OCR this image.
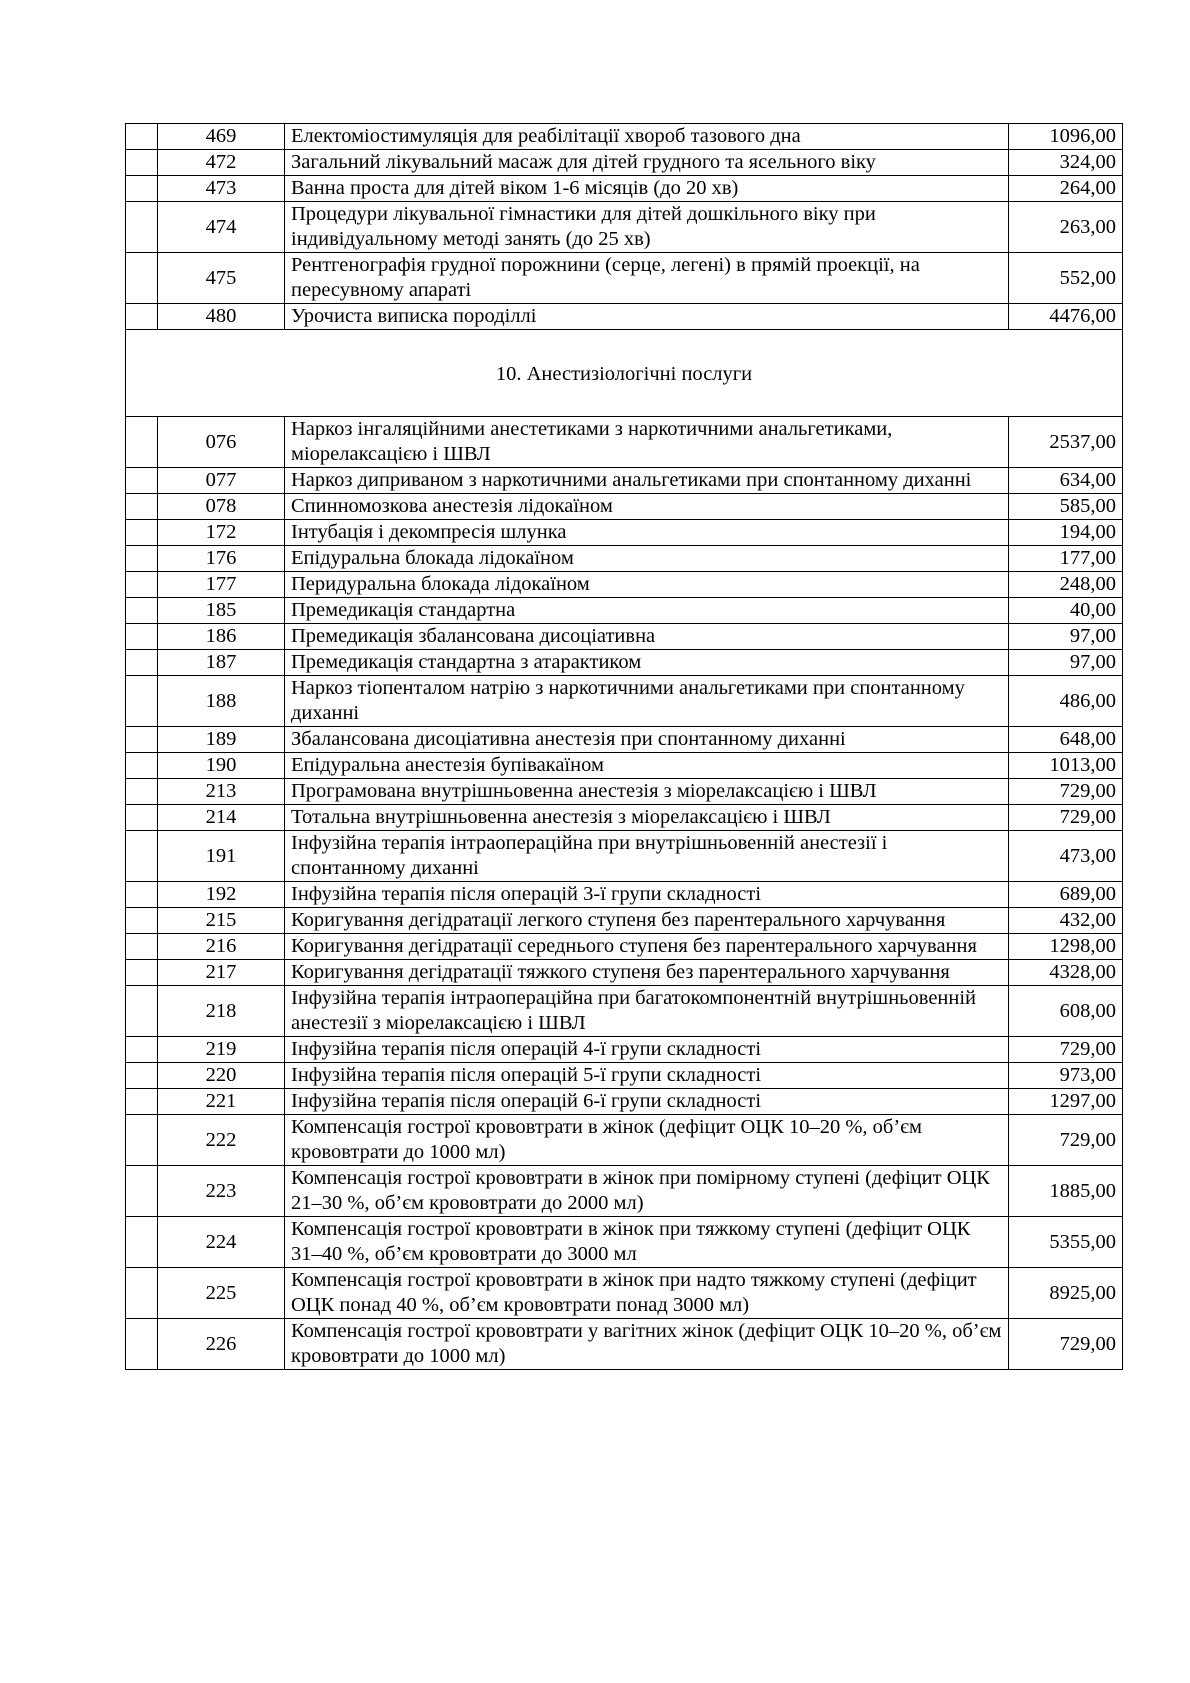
	469	Електоміостимуляція для реабілітації хвороб тазового дна	1096,00
	472	Загальний лікувальний масаж для дітей грудного та ясельного віку	324,00
	473	Ванна проста для дітей віком 1-6 місяців (до 20 хв)	264,00
	474	Процедури лікувальної гімнастики для дітей дошкільного віку при індивідуальному методі занять (до 25 хв)	263,00
	475	Рентгенографія грудної порожнини (серце, легені) в прямій проекції, на пересувному апараті	552,00
	480	Урочиста виписка породіллі	4476,00
10. Анестизіологічні послуги			
	076	Наркоз інгаляційними анестетиками з наркотичними анальгетиками, міорелаксацією і ШВЛ	2537,00
	077	Наркоз диприваном з наркотичними анальгетиками при спонтанному диханні	634,00
	078	Спинномозкова анестезія лідокаїном	585,00
	172	Інтубація і декомпресія шлунка	194,00
	176	Епідуральна блокада лідокаїном	177,00
	177	Перидуральна блокада лідокаїном	248,00
	185	Премедикація стандартна	40,00
	186	Премедикація збалансована дисоціативна	97,00
	187	Премедикація стандартна з атарактиком	97,00
	188	Наркоз тіопенталом натрію з наркотичними анальгетиками при спонтанному диханні	486,00
	189	Збалансована дисоціативна анестезія при спонтанному диханні	648,00
	190	Епідуральна анестезія бупівакаїном	1013,00
	213	Програмована внутрішньовенна анестезія з міорелаксацією і ШВЛ	729,00
	214	Тотальна внутрішньовенна анестезія з міорелаксацією і ШВЛ	729,00
	191	Інфузійна терапія інтраопераційна при внутрішньовенній анестезії і спонтанному диханні	473,00
	192	Інфузійна терапія після операцій 3-ї групи складності	689,00
	215	Коригування дегідратації легкого ступеня без парентерального харчування	432,00
	216	Коригування дегідратації середнього ступеня без парентерального харчування	1298,00
	217	Коригування дегідратації тяжкого ступеня без парентерального харчування	4328,00
	218	Інфузійна терапія інтраопераційна при багатокомпонентній внутрішньовенній анестезії з міорелаксацією і ШВЛ	608,00
	219	Інфузійна терапія після операцій 4-ї групи складності	729,00
	220	Інфузійна терапія після операцій 5-ї групи складності	973,00
	221	Інфузійна терапія після операцій 6-ї групи складності	1297,00
	222	Компенсація гострої крововтрати в жінок (дефіцит ОЦК 10–20 %, об’єм крововтрати до 1000 мл)	729,00
	223	Компенсація гострої крововтрати в жінок при помірному ступені (дефіцит ОЦК 21–30 %, об’єм крововтрати до 2000 мл)	1885,00
	224	Компенсація гострої крововтрати в жінок при тяжкому ступені (дефіцит ОЦК 31–40 %, об’єм крововтрати до 3000 мл	5355,00
	225	Компенсація гострої крововтрати в жінок при надто тяжкому ступені (дефіцит ОЦК понад 40 %, об’єм крововтрати понад 3000 мл)	8925,00
	226	Компенсація гострої крововтрати у вагітних жінок (дефіцит ОЦК 10–20 %, об’єм крововтрати до 1000 мл)	729,00
